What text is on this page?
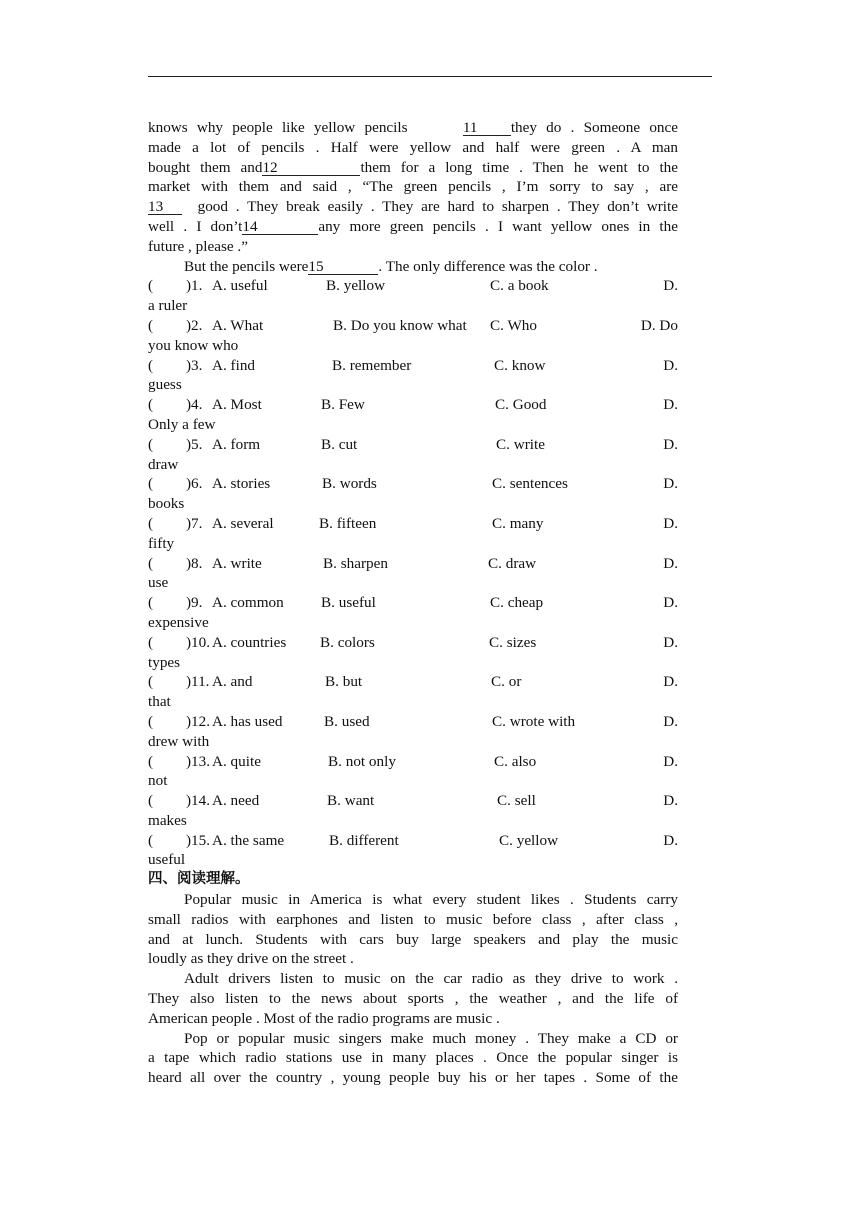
knows why people like yellow pencils	11 they do . Someone once
made a lot of pencils . Half were yellow and half were green . A man
bought them and12	them for a long time . Then he went to the
market with them and said , “The green pencils , I’m sorry to say , are
13 good . They break easily . They are hard to sharpen . They don’t write
well . I don’t14	any more green pencils . I want yellow ones in the
future , please .”
But the pencils were15	. The only difference was the color .
( )1. A. useful	B. yellow	C. a book	D.
a ruler
( )2. A. What	B. Do you know what C. Who	D. Do
you know who
( )3. A. find	B. remember	C. know	D.
guess
( )4. A. Most	B. Few	C. Good	D.
Only a few
( )5. A. form	B. cut	C. write	D.
draw
( )6. A. stories	B. words	C. sentences	D.
books
( )7. A. several	B. fifteen	C. many	D.
fifty
( )8. A. write	B. sharpen	C. draw	D.
use
( )9. A. common B. useful	C. cheap	D.
expensive
( )10. A. countries B. colors	C. sizes	D.
types
( )11. A. and	B. but	C. or	D.
that
( )12. A. has used	B. used	C. wrote with	D.
drew with
( )13. A. quite	B. not only	C. also	D.
not
( )14. A. need	B. want	C. sell	D.
makes
( )15. A. the same	B. different	C. yellow	D.
useful
四、阅读理解。
Popular music in America is what every student likes . Students carry
small radios with earphones and listen to music before class , after class ,
and at lunch. Students with cars buy large speakers and play the music
loudly as they drive on the street .
Adult drivers listen to music on the car radio as they drive to work .
They also listen to the news about sports , the weather , and the life of
American people . Most of the radio programs are music .
Pop or popular music singers make much money . They make a CD or
a tape which radio stations use in many places . Once the popular singer is
heard all over the country , young people buy his or her tapes . Some of the
